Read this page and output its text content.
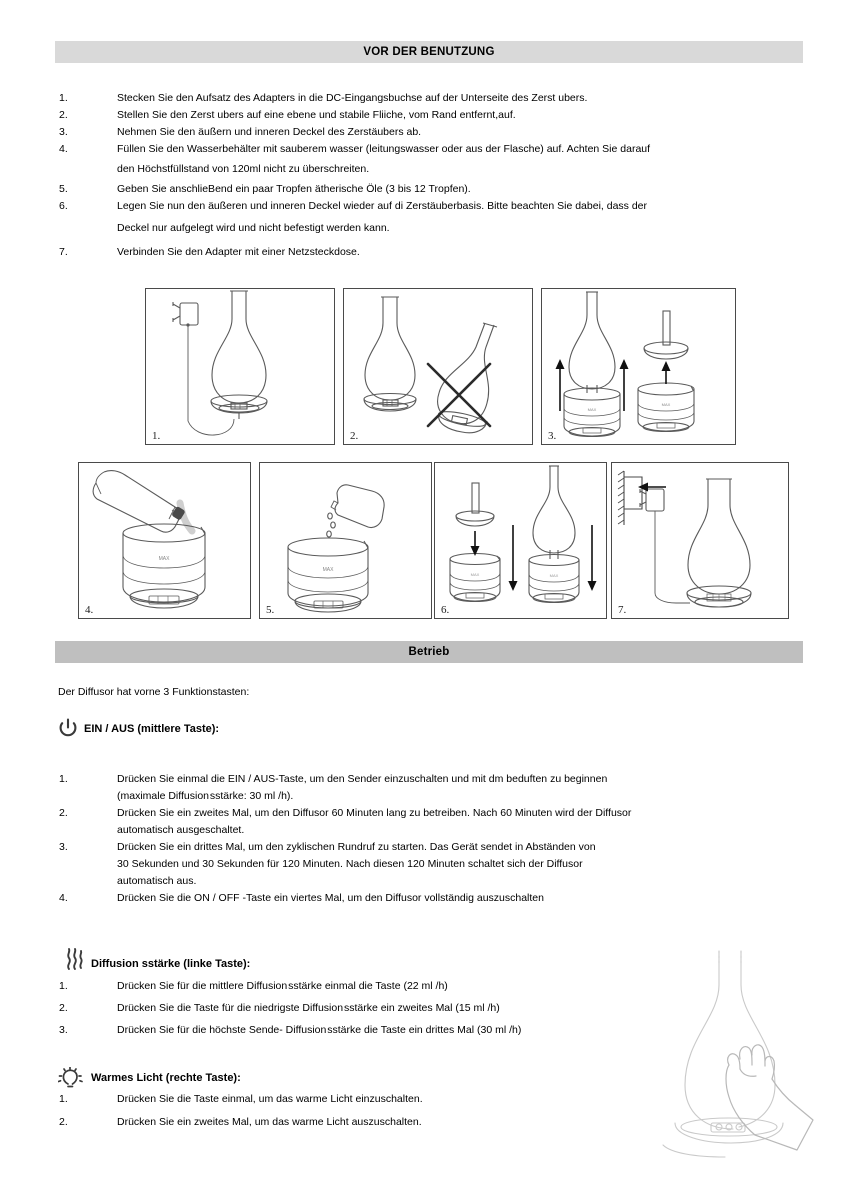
VOR DER BENUTZUNG
1.	Stecken Sie den Aufsatz des Adapters in die DC-Eingangsbuchse auf der Unterseite des Zerst ubers.
2.	Stellen Sie den Zerst ubers auf eine ebene und stabile Fliiche, vom Rand entfernt,auf.
3.	Nehmen Sie den äußern und inneren Deckel des Zerstäubers ab.
4.	Füllen Sie den Wasserbehälter mit sauberem wasser (leitungswasser oder aus der Flasche) auf. Achten Sie darauf
den Höchstfüllstand von 120ml nicht zu überschreiten.
5.	Geben Sie anschlieBend ein paar Tropfen ätherische Öle (3 bis 12 Tropfen).
6.	Legen Sie nun den äußeren und inneren Deckel wieder auf di Zerstäuberbasis. Bitte beachten Sie dabei, dass der
Deckel nur aufgelegt wird und nicht befestigt werden kann.
7.	Verbinden Sie den Adapter mit einer Netzsteckdose.
1.	2.
MAX
MAX
3.
MAX
4.
MAX
5.
MAX	MAX
6.	7.
Betrieb
Der Diffusor hat vorne 3 Funktionstasten:
EIN / AUS (mittlere Taste):
1.	Drücken Sie einmal die EIN / AUS-Taste, um den Sender einzuschalten und mit dm beduften zu beginnen
(maximale Diffusion sstärke: 30 ml /h).
2.	Drücken Sie ein zweites Mal, um den Diffusor 60 Minuten lang zu betreiben. Nach 60 Minuten wird der Diffusor
automatisch ausgeschaltet.
3.	Drücken Sie ein drittes Mal, um den zyklischen Rundruf zu starten. Das Gerät sendet in Abständen von
30 Sekunden und 30 Sekunden für 120 Minuten. Nach diesen 120 Minuten schaltet sich der Diffusor
automatisch aus.
4.	Drücken Sie die ON / OFF -Taste ein viertes Mal, um den Diffusor vollständig auszuschalten
Diffusion sstärke (linke Taste):
1.	Drücken Sie für die mittlere Diffusion sstärke einmal die Taste (22 ml /h)
2.	Drücken Sie die Taste für die niedrigste Diffusion sstärke ein zweites Mal (15 ml /h)
3.	Drücken Sie für die höchste Sende- Diffusion sstärke die Taste ein drittes Mal (30 ml /h)
Warmes Licht (rechte Taste):
1.	Drücken Sie die Taste einmal, um das warme Licht einzuschalten.
2.	Drücken Sie ein zweites Mal, um das warme Licht auszuschalten.
